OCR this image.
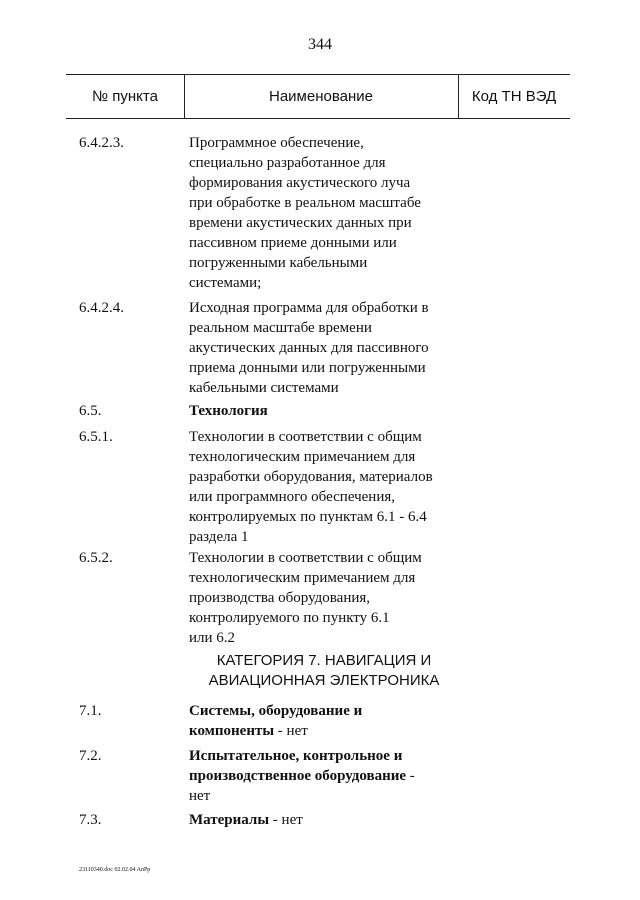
344
№ пункта	Наименование	Код ТН ВЭД
6.4.2.3.	Программное обеспечение,
специально разработанное для
формирования акустического луча
при обработке в реальном масштабе
времени акустических данных при
пассивном приеме донными или
погруженными кабельными
системами;
6.4.2.4.	Исходная программа для обработки в
реальном масштабе времени
акустических данных для пассивного
приема донными или погруженными
кабельными системами
6.5.	Технология
6.5.1.	Технологии в соответствии с общим
технологическим примечанием для
разработки оборудования, материалов
или программного обеспечения,
контролируемых по пунктам 6.1 - 6.4
раздела 1
6.5.2.	Технологии в соответствии с общим
технологическим примечанием для
производства оборудования,
контролируемого по пункту 6.1
или 6.2
КАТЕГОРИЯ 7. НАВИГАЦИЯ И
АВИАЦИОННАЯ ЭЛЕКТРОНИКА
7.1.	Системы, оборудование и
компоненты - нет
7.2.	Испытательное, контрольное и
производственное оборудование -
нет
7.3.	Материалы - нет
23110340.doc 02.02.04 AnPp
